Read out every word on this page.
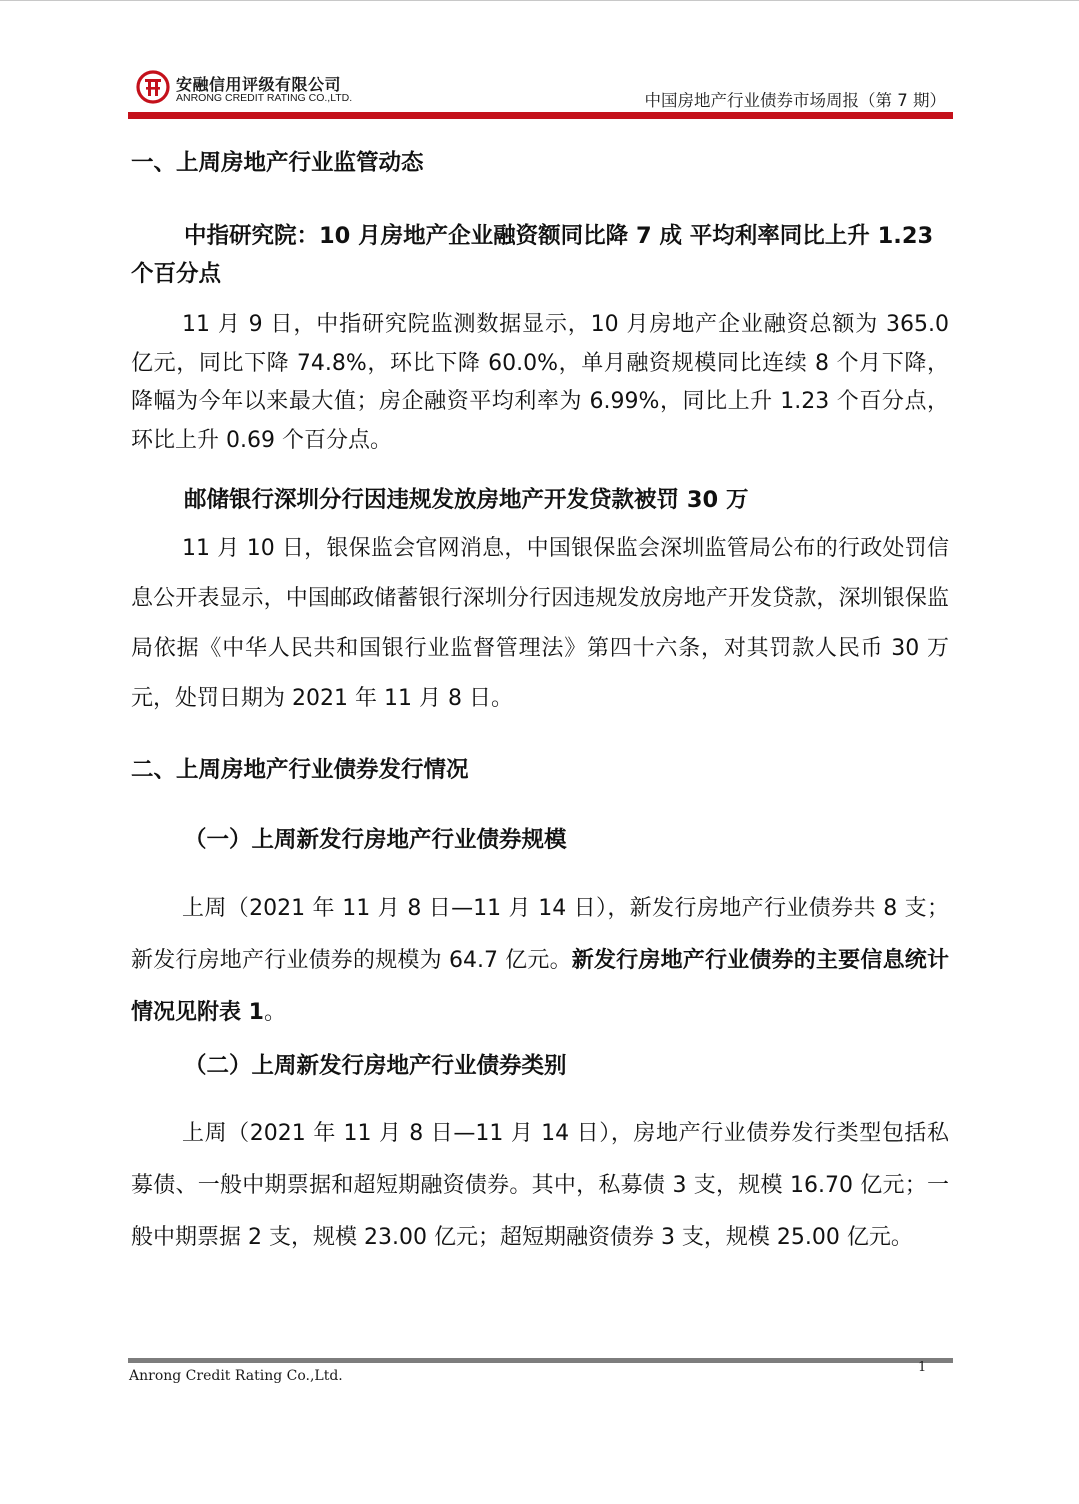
安融信用评级有限公司
ANRONG CREDIT RATING CO.,LTD.	中国房地产行业债券市场周报（第 7 期）
一、上周房地产行业监管动态
中指研究院：10 月房地产企业融资额同比降 7 成 平均利率同比上升 1.23 个百分点
11 月 9 日，中指研究院监测数据显示，10 月房地产企业融资总额为 365.0 亿元，同比下降 74.8%，环比下降 60.0%，单月融资规模同比连续 8 个月下降，降幅为今年以来最大值；房企融资平均利率为 6.99%，同比上升 1.23 个百分点，环比上升 0.69 个百分点。
邮储银行深圳分行因违规发放房地产开发贷款被罚 30 万
11 月 10 日，银保监会官网消息，中国银保监会深圳监管局公布的行政处罚信息公开表显示，中国邮政储蓄银行深圳分行因违规发放房地产开发贷款，深圳银保监局依据《中华人民共和国银行业监督管理法》第四十六条，对其罚款人民币 30 万元，处罚日期为 2021 年 11 月 8 日。
二、上周房地产行业债券发行情况
（一）上周新发行房地产行业债券规模
上周（2021 年 11 月 8 日—11 月 14 日），新发行房地产行业债券共 8 支；新发行房地产行业债券的规模为 64.7 亿元。新发行房地产行业债券的主要信息统计情况见附表 1。
（二）上周新发行房地产行业债券类别
上周（2021 年 11 月 8 日—11 月 14 日），房地产行业债券发行类型包括私募债、一般中期票据和超短期融资债券。其中，私募债 3 支，规模 16.70 亿元；一般中期票据 2 支，规模 23.00 亿元；超短期融资债券 3 支，规模 25.00 亿元。
Anrong Credit Rating Co.,Ltd.
1
